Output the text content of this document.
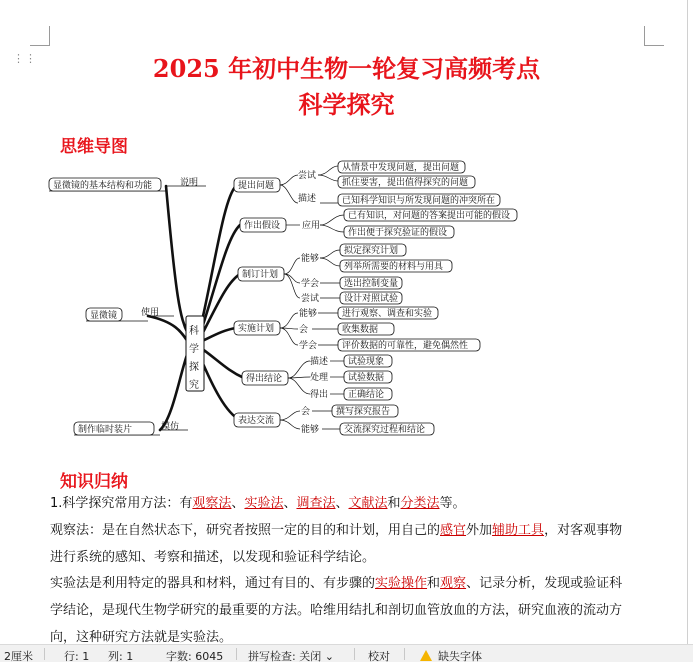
⋮⋮	2025 年初中生物一轮复习高频考点
科学探究
思维导图
科
学
探
究
显微镜的基本结构和功能	说明
显微镜	使用
制作临时装片	模仿
提出问题
尝试
描述
从情景中发现问题，提出问题
抓住要害，提出值得探究的问题
已知科学知识与所发现问题的冲突所在
作出假设 应用
已有知识，对问题的答案提出可能的假设
作出便于探究验证的假设
制订计划
能够
学会
尝试
拟定探究计划
列举所需要的材料与用具
选出控制变量
设计对照试验
实施计划
能够
会
学会
进行观察、调查和实验
收集数据
评价数据的可靠性，避免偶然性
得出结论
描述
处理
得出
试验现象
试验数据
正确结论
表达交流
会
能够
撰写探究报告
交流探究过程和结论
知识归纳
1.科学探究常用方法：有观察法、实验法、调查法、文献法和分类法等。
观察法：是在自然状态下，研究者按照一定的目的和计划，用自己的感官外加辅助工具，对客观事物
进行系统的感知、考察和描述，以发现和验证科学结论。
实验法是利用特定的器具和材料，通过有目的、有步骤的实验操作和观察、记录分析，发现或验证科
学结论，是现代生物学研究的最重要的方法。哈维用结扎和剖切血管放血的方法，研究血液的流动方
向，这种研究方法就是实验法。
2厘米	行: 1 列: 1	字数: 6045 拼写检查: 关闭 ⌄	校对	缺失字体
